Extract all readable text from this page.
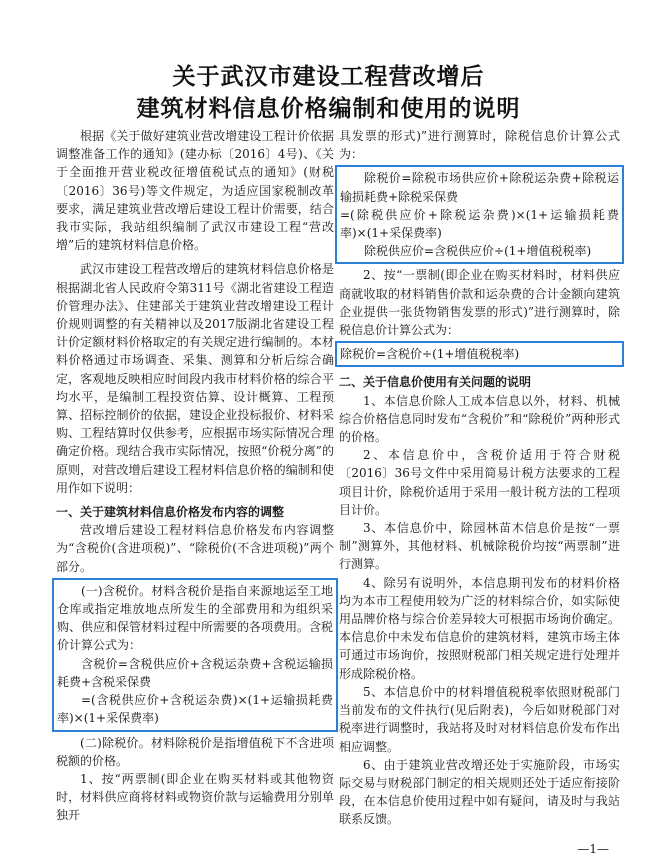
关于武汉市建设工程营改增后
建筑材料信息价格编制和使用的说明

根据《关于做好建筑业营改增建设工程计价依据调整准备工作的通知》(建办标〔2016〕4号)、《关于全面推开营业税改征增值税试点的通知》(财税〔2016〕36号)等文件规定，为适应国家税制改革要求，满足建筑业营改增后建设工程计价需要，结合我市实际，我站组织编制了武汉市建设工程“营改增”后的建筑材料信息价格。

武汉市建设工程营改增后的建筑材料信息价格是根据湖北省人民政府令第311号《湖北省建设工程造价管理办法》、住建部关于建筑业营改增建设工程计价规则调整的有关精神以及2017版湖北省建设工程计价定额材料价格取定的有关规定进行编制的。本材料价格通过市场调查、采集、测算和分析后综合确定，客观地反映相应时间段内我市材料价格的综合平均水平，是编制工程投资估算、设计概算、工程预算、招标控制价的依据，建设企业投标报价、材料采购、工程结算时仅供参考，应根据市场实际情况合理确定价格。现结合我市实际情况，按照“价税分离”的原则，对营改增后建设工程材料信息价格的编制和使用作如下说明：

一、关于建筑材料信息价格发布内容的调整

营改增后建设工程材料信息价格发布内容调整为“含税价(含进项税)”、“除税价(不含进项税)”两个部分。

(一)含税价。材料含税价是指自来源地运至工地仓库或指定堆放地点所发生的全部费用和为组织采购、供应和保管材料过程中所需要的各项费用。含税价计算公式为：

含税价=含税供应价+含税运杂费+含税运输损耗费+含税采保费

=(含税供应价+含税运杂费)×(1+运输损耗费率)×(1+采保费率)

(二)除税价。材料除税价是指增值税下不含进项税额的价格。

1、按“两票制(即企业在购买材料或其他物资时，材料供应商将材料或物资价款与运输费用分别单独开

具发票的形式)”进行测算时，除税信息价计算公式为：

除税价=除税市场供应价+除税运杂费+除税运输损耗费+除税采保费

=(除税供应价+除税运杂费)×(1+运输损耗费率)×(1+采保费率)

除税供应价=含税供应价÷(1+增值税税率)

2、按“一票制(即企业在购买材料时，材料供应商就收取的材料销售价款和运杂费的合计金额向建筑企业提供一张货物销售发票的形式)”进行测算时，除税信息价计算公式为：

除税价=含税价÷(1+增值税税率)

二、关于信息价使用有关问题的说明

1、本信息价除人工成本信息以外，材料、机械综合价格信息同时发布“含税价”和“除税价”两种形式的价格。

2、本信息价中，含税价适用于符合财税〔2016〕36号文件中采用简易计税方法要求的工程项目计价，除税价适用于采用一般计税方法的工程项目计价。

3、本信息价中，除园林苗木信息价是按“一票制”测算外，其他材料、机械除税价均按“两票制”进行测算。

4、除另有说明外，本信息期刊发布的材料价格均为本市工程使用较为广泛的材料综合价，如实际使用品牌价格与综合价差异较大可根据市场询价确定。本信息价中未发布信息价的建筑材料，建筑市场主体可通过市场询价，按照财税部门相关规定进行处理并形成除税价格。

5、本信息价中的材料增值税税率依照财税部门当前发布的文件执行(见后附表)，今后如财税部门对税率进行调整时，我站将及时对材料信息价发布作出相应调整。

6、由于建筑业营改增还处于实施阶段，市场实际交易与财税部门制定的相关规则还处于适应衔接阶段，在本信息价使用过程中如有疑问，请及时与我站联系反馈。

—1—
